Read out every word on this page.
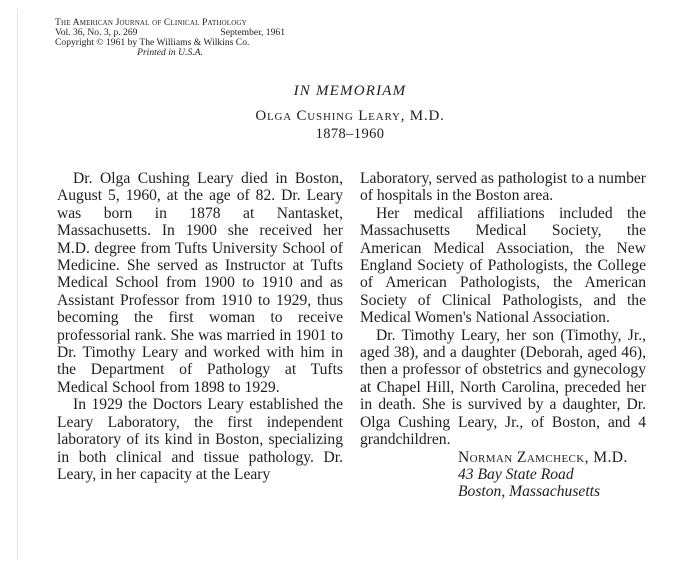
The American Journal of Clinical Pathology
Vol. 36, No. 3, p. 269	September, 1961
Copyright © 1961 by The Williams & Wilkins Co.
Printed in U.S.A.
IN MEMORIAM
Olga Cushing Leary, M.D.
1878–1960

Dr. Olga Cushing Leary died in Boston, August 5, 1960, at the age of 82. Dr. Leary was born in 1878 at Nantasket, Massachusetts. In 1900 she received her M.D. degree from Tufts University School of Medicine. She served as Instructor at Tufts Medical School from 1900 to 1910 and as Assistant Professor from 1910 to 1929, thus becoming the first woman to receive professorial rank. She was married in 1901 to Dr. Timothy Leary and worked with him in the Department of Pathology at Tufts Medical School from 1898 to 1929.

In 1929 the Doctors Leary established the Leary Laboratory, the first independent laboratory of its kind in Boston, specializing in both clinical and tissue pathology. Dr. Leary, in her capacity at the Leary

Laboratory, served as pathologist to a number of hospitals in the Boston area.

Her medical affiliations included the Massachusetts Medical Society, the American Medical Association, the New England Society of Pathologists, the College of American Pathologists, the American Society of Clinical Pathologists, and the Medical Women's National Association.

Dr. Timothy Leary, her son (Timothy, Jr., aged 38), and a daughter (Deborah, aged 46), then a professor of obstetrics and gynecology at Chapel Hill, North Carolina, preceded her in death. She is survived by a daughter, Dr. Olga Cushing Leary, Jr., of Boston, and 4 grandchildren.

Norman Zamcheck, M.D.
43 Bay State Road
Boston, Massachusetts
